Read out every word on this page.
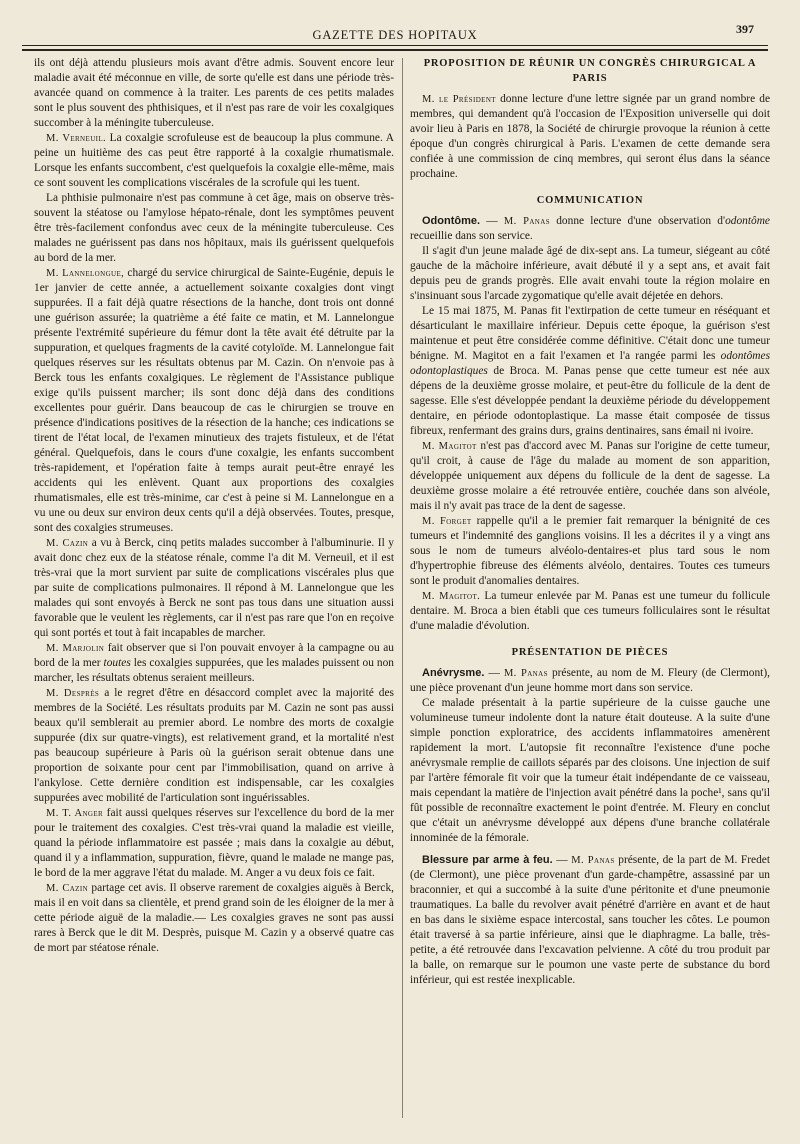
GAZETTE DES HOPITAUX	397

ils ont déjà attendu plusieurs mois avant d'être admis. Souvent encore leur maladie avait été méconnue en ville, de sorte qu'elle est dans une période très-avancée quand on commence à la traiter. Les parents de ces petits malades sont le plus souvent des phthisiques, et il n'est pas rare de voir les coxalgiques succomber à la méningite tuberculeuse.

M. Verneuil. La coxalgie scrofuleuse est de beaucoup la plus commune. A peine un huitième des cas peut être rapporté à la coxalgie rhumatismale. Lorsque les enfants succombent, c'est quelquefois la coxalgie elle-même, mais ce sont souvent les complications viscérales de la scrofule qui les tuent.

La phthisie pulmonaire n'est pas commune à cet âge, mais on observe très-souvent la stéatose ou l'amylose hépato-rénale, dont les symptômes peuvent être très-facilement confondus avec ceux de la méningite tuberculeuse. Ces malades ne guérissent pas dans nos hôpitaux, mais ils guérissent quelquefois au bord de la mer.

M. Lannelongue, chargé du service chirurgical de Sainte-Eugénie, depuis le 1er janvier de cette année, a actuellement soixante coxalgies dont vingt suppurées. Il a fait déjà quatre résections de la hanche, dont trois ont donné une guérison assurée; la quatrième a été faite ce matin, et M. Lannelongue présente l'extrémité supérieure du fémur dont la tête avait été détruite par la suppuration, et quelques fragments de la cavité cotyloïde. M. Lannelongue fait quelques réserves sur les résultats obtenus par M. Cazin. On n'envoie pas à Berck tous les enfants coxalgiques. Le règlement de l'Assistance publique exige qu'ils puissent marcher; ils sont donc déjà dans des conditions excellentes pour guérir. Dans beaucoup de cas le chirurgien se trouve en présence d'indications positives de la résection de la hanche; ces indications se tirent de l'état local, de l'examen minutieux des trajets fistuleux, et de l'état général. Quelquefois, dans le cours d'une coxalgie, les enfants succombent très-rapidement, et l'opération faite à temps aurait peut-être enrayé les accidents qui les enlèvent. Quant aux proportions des coxalgies rhumatismales, elle est très-minime, car c'est à peine si M. Lannelongue en a vu une ou deux sur environ deux cents qu'il a déjà observées. Toutes, presque, sont des coxalgies strumeuses.

M. Cazin a vu à Berck, cinq petits malades succomber à l'albuminurie. Il y avait donc chez eux de la stéatose rénale, comme l'a dit M. Verneuil, et il est très-vrai que la mort survient par suite de complications viscérales plus que par suite de complications pulmonaires. Il répond à M. Lannelongue que les malades qui sont envoyés à Berck ne sont pas tous dans une situation aussi favorable que le veulent les règlements, car il n'est pas rare que l'on en reçoive qui sont portés et tout à fait incapables de marcher.

M. Marjolin fait observer que si l'on pouvait envoyer à la campagne ou au bord de la mer toutes les coxalgies suppurées, que les malades puissent ou non marcher, les résultats obtenus seraient meilleurs.

M. Desprès a le regret d'être en désaccord complet avec la majorité des membres de la Société. Les résultats produits par M. Cazin ne sont pas aussi beaux qu'il semblerait au premier abord. Le nombre des morts de coxalgie suppurée (dix sur quatre-vingts), est relativement grand, et la mortalité n'est pas beaucoup supérieure à Paris où la guérison serait obtenue dans une proportion de soixante pour cent par l'immobilisation, quand on arrive à l'ankylose. Cette dernière condition est indispensable, car les coxalgies suppurées avec mobilité de l'articulation sont inguérissables.

M. T. Anger fait aussi quelques réserves sur l'excellence du bord de la mer pour le traitement des coxalgies. C'est très-vrai quand la maladie est vieille, quand la période inflammatoire est passée ; mais dans la coxalgie au début, quand il y a inflammation, suppuration, fièvre, quand le malade ne mange pas, le bord de la mer aggrave l'état du malade. M. Anger a vu deux fois ce fait.

M. Cazin partage cet avis. Il observe rarement de coxalgies aiguës à Berck, mais il en voit dans sa clientèle, et prend grand soin de les éloigner de la mer à cette période aiguë de la maladie.— Les coxalgies graves ne sont pas aussi rares à Berck que le dit M. Desprès, puisque M. Cazin y a observé quatre cas de mort par stéatose rénale.

PROPOSITION DE RÉUNIR UN CONGRÈS CHIRURGICAL A PARIS

M. le Président donne lecture d'une lettre signée par un grand nombre de membres, qui demandent qu'à l'occasion de l'Exposition universelle qui doit avoir lieu à Paris en 1878, la Société de chirurgie provoque la réunion à cette époque d'un congrès chirurgical à Paris. L'examen de cette demande sera confiée à une commission de cinq membres, qui seront élus dans la séance prochaine.

COMMUNICATION

Odontôme. — M. Panas donne lecture d'une observation d'odontôme recueillie dans son service.

Il s'agit d'un jeune malade âgé de dix-sept ans. La tumeur, siégeant au côté gauche de la mâchoire inférieure, avait débuté il y a sept ans, et avait fait depuis peu de grands progrès. Elle avait envahi toute la région molaire en s'insinuant sous l'arcade zygomatique qu'elle avait déjetée en dehors.

Le 15 mai 1875, M. Panas fit l'extirpation de cette tumeur en réséquant et désarticulant le maxillaire inférieur. Depuis cette époque, la guérison s'est maintenue et peut être considérée comme définitive. C'était donc une tumeur bénigne. M. Magitot en a fait l'examen et l'a rangée parmi les odontômes odontoplastiques de Broca. M. Panas pense que cette tumeur est née aux dépens de la deuxième grosse molaire, et peut-être du follicule de la dent de sagesse. Elle s'est développée pendant la deuxième période du développement dentaire, en période odontoplastique. La masse était composée de tissus fibreux, renfermant des grains durs, grains dentinaires, sans émail ni ivoire.

M. Magitot n'est pas d'accord avec M. Panas sur l'origine de cette tumeur, qu'il croit, à cause de l'âge du malade au moment de son apparition, développée uniquement aux dépens du follicule de la dent de sagesse. La deuxième grosse molaire a été retrouvée entière, couchée dans son alvéole, mais il n'y avait pas trace de la dent de sagesse.

M. Forget rappelle qu'il a le premier fait remarquer la bénignité de ces tumeurs et l'indemnité des ganglions voisins. Il les a décrites il y a vingt ans sous le nom de tumeurs alvéolo-dentaires-et plus tard sous le nom d'hypertrophie fibreuse des éléments alvéolo, dentaires. Toutes ces tumeurs sont le produit d'anomalies dentaires.

M. Magitot. La tumeur enlevée par M. Panas est une tumeur du follicule dentaire. M. Broca a bien établi que ces tumeurs folliculaires sont le résultat d'une maladie d'évolution.

PRÉSENTATION DE PIÈCES

Anévrysme. — M. Panas présente, au nom de M. Fleury (de Clermont), une pièce provenant d'un jeune homme mort dans son service.

Ce malade présentait à la partie supérieure de la cuisse gauche une volumineuse tumeur indolente dont la nature était douteuse. A la suite d'une simple ponction exploratrice, des accidents inflammatoires amenèrent rapidement la mort. L'autopsie fit reconnaître l'existence d'une poche anévrysmale remplie de caillots séparés par des cloisons. Une injection de suif par l'artère fémorale fit voir que la tumeur était indépendante de ce vaisseau, mais cependant la matière de l'injection avait pénétré dans la poche¹, sans qu'il fût possible de reconnaître exactement le point d'entrée. M. Fleury en conclut que c'était un anévrysme développé aux dépens d'une branche collatérale innominée de la fémorale.

Blessure par arme à feu. — M. Panas présente, de la part de M. Fredet (de Clermont), une pièce provenant d'un garde-champêtre, assassiné par un braconnier, et qui a succombé à la suite d'une péritonite et d'une pneumonie traumatiques. La balle du revolver avait pénétré d'arrière en avant et de haut en bas dans le sixième espace intercostal, sans toucher les côtes. Le poumon était traversé à sa partie inférieure, ainsi que le diaphragme. La balle, très-petite, a été retrouvée dans l'excavation pelvienne. A côté du trou produit par la balle, on remarque sur le poumon une vaste perte de substance du bord inférieur, qui est restée inexplicable.
